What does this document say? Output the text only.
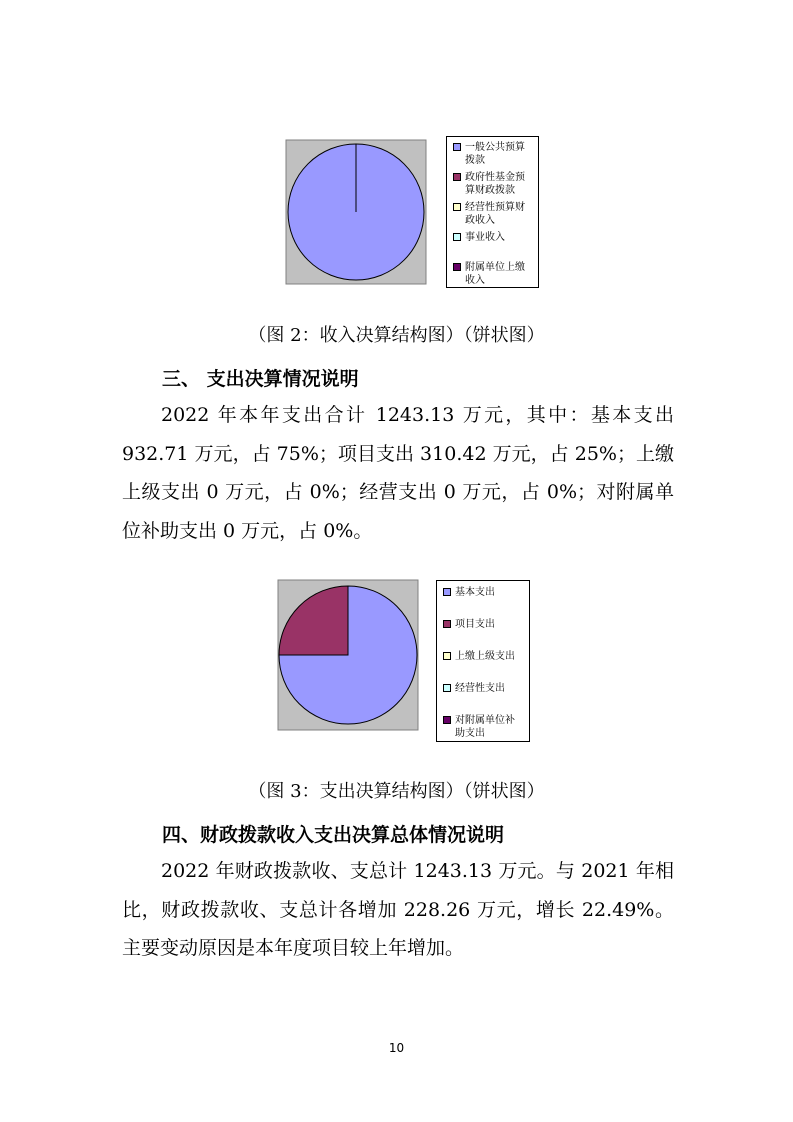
一般公共预算
拨款
政府性基金预
算财政拨款
经营性预算财
政收入
事业收入
附属单位上缴
收入
（图 2：收入决算结构图）（饼状图）
三、 支出决算情况说明
2022 年本年支出合计 1243.13 万元，其中：基本支出 932.71 万元，占 75%；项目支出 310.42 万元，占 25%；上缴上级支出 0 万元，占 0%；经营支出 0 万元，占 0%；对附属单位补助支出 0 万元，占 0%。
基本支出
项目支出
上缴上级支出
经营性支出
对附属单位补
助支出
（图 3：支出决算结构图）（饼状图）
四、财政拨款收入支出决算总体情况说明
2022 年财政拨款收、支总计 1243.13 万元。与 2021 年相比，财政拨款收、支总计各增加 228.26 万元，增长 22.49%。主要变动原因是本年度项目较上年增加。
10
